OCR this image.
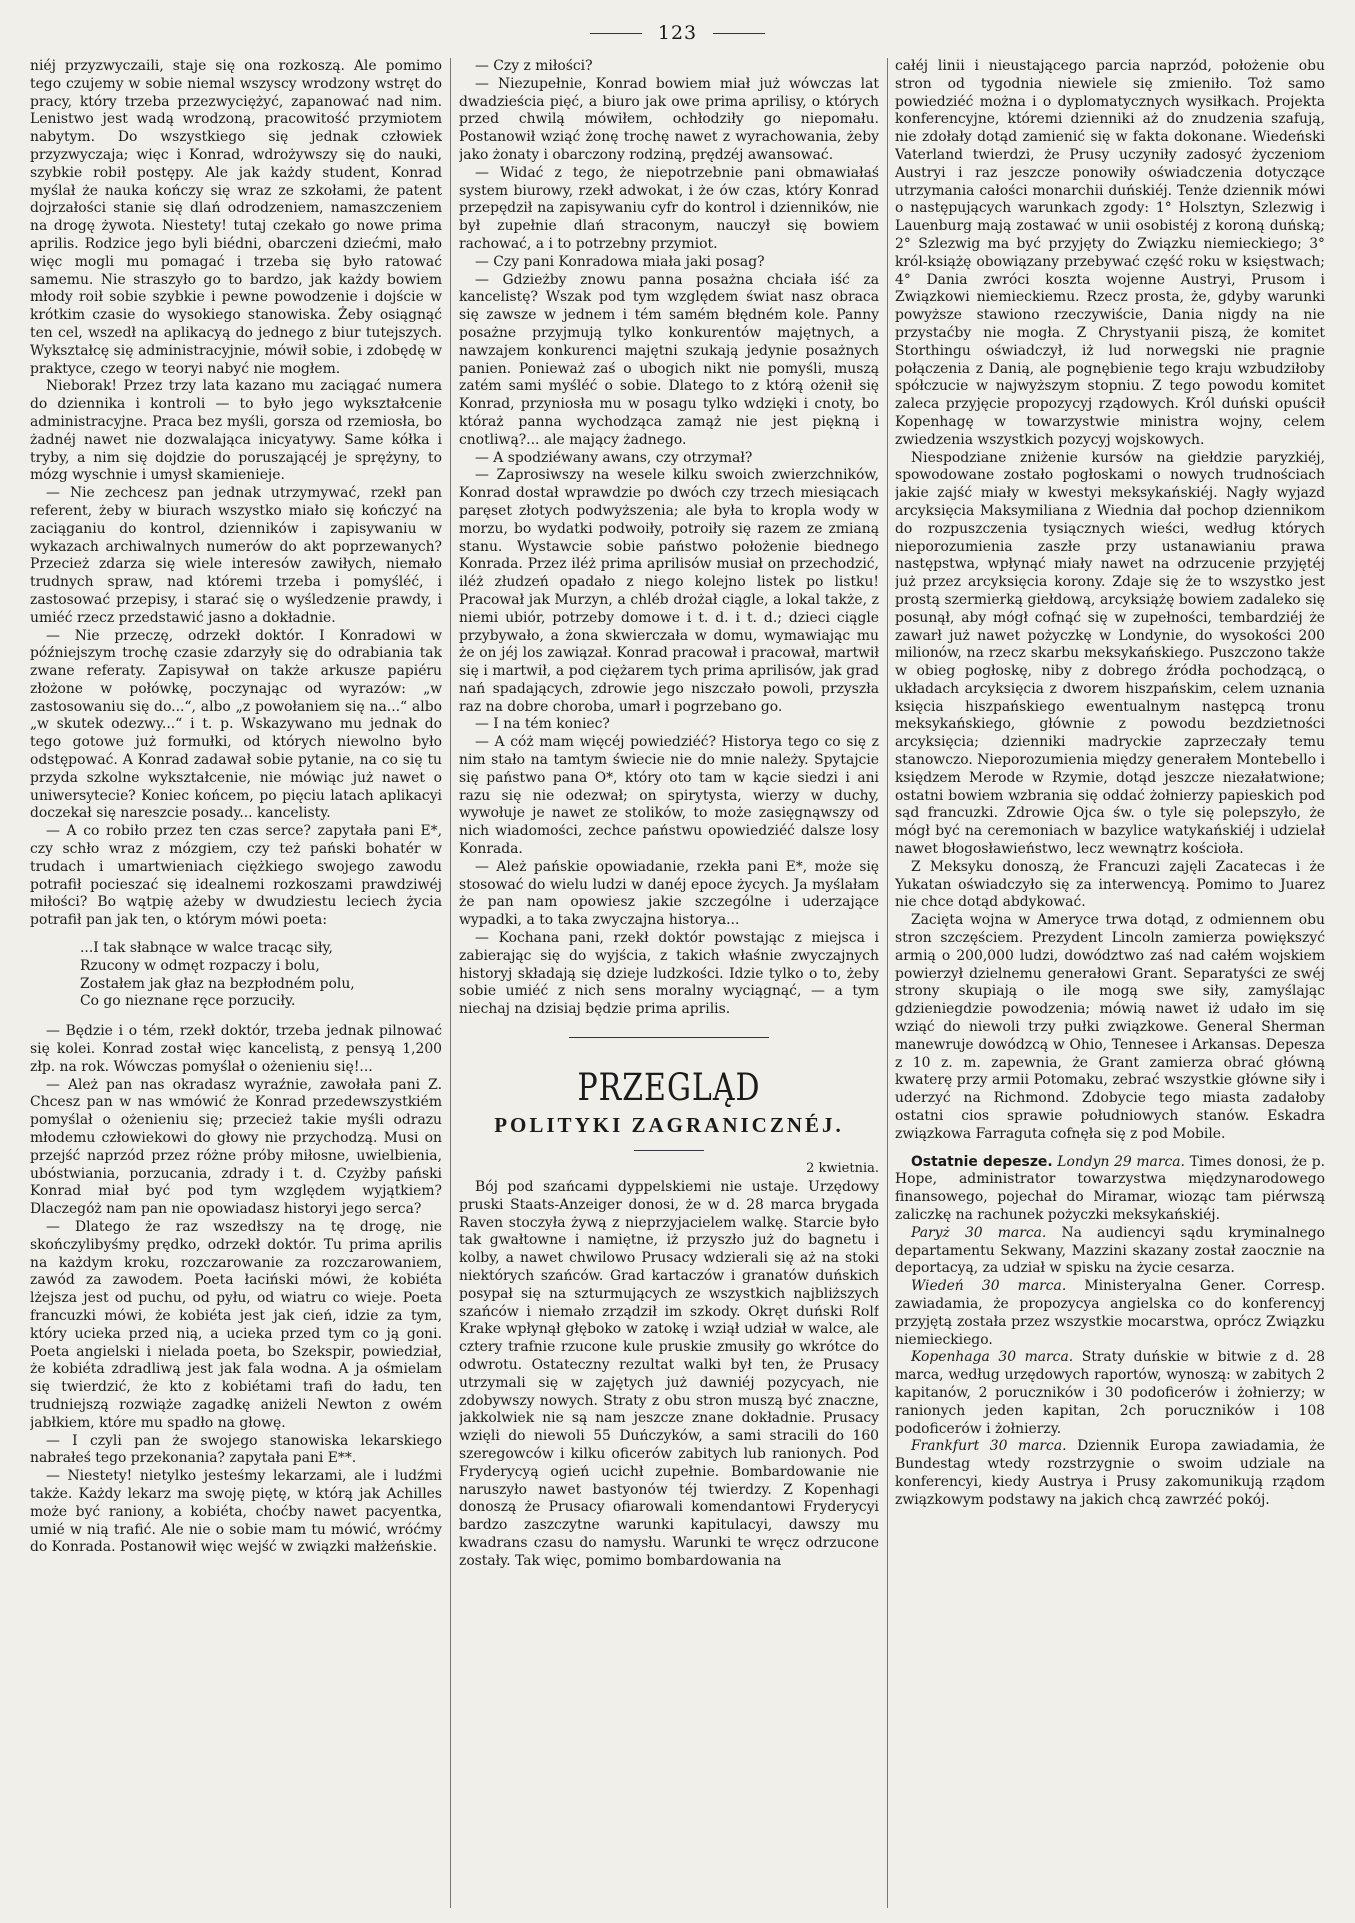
123

niéj przyzwyczaili, staje się ona rozkoszą. Ale pomimo tego czujemy w sobie niemal wszyscy wrodzony wstręt do pracy, który trzeba przezwyciężyć, zapanować nad nim. Lenistwo jest wadą wrodzoną, pracowitość przymiotem nabytym. Do wszystkiego się jednak człowiek przyzwyczaja; więc i Konrad, wdrożywszy się do nauki, szybkie robił postępy. Ale jak każdy student, Konrad myślał że nauka kończy się wraz ze szkołami, że patent dojrzałości stanie się dlań odrodzeniem, namaszczeniem na drogę żywota. Niestety! tutaj czekało go nowe prima aprilis. Rodzice jego byli biédni, obarczeni dziećmi, mało więc mogli mu pomagać i trzeba się było ratować samemu. Nie straszyło go to bardzo, jak każdy bowiem młody roił sobie szybkie i pewne powodzenie i dojście w krótkim czasie do wysokiego stanowiska. Żeby osiągnąć ten cel, wszedł na aplikacyą do jednego z biur tutejszych. Wykształcę się administracyjnie, mówił sobie, i zdobędę w praktyce, czego w teoryi nabyć nie mogłem.

Nieborak! Przez trzy lata kazano mu zaciągać numera do dziennika i kontroli — to było jego wykształcenie administracyjne. Praca bez myśli, gorsza od rzemiosła, bo żadnéj nawet nie dozwalająca inicyatywy. Same kółka i tryby, a nim się dojdzie do poruszającéj je sprężyny, to mózg wyschnie i umysł skamienieje.

— Nie zechcesz pan jednak utrzymywać, rzekł pan referent, żeby w biurach wszystko miało się kończyć na zaciąganiu do kontrol, dzienników i zapisywaniu w wykazach archiwalnych numerów do akt poprzewanych? Przecież zdarza się wiele interesów zawiłych, niemało trudnych spraw, nad któremi trzeba i pomyśléć, i zastosować przepisy, i starać się o wyśledzenie prawdy, i umiéć rzecz przedstawić jasno a dokładnie.

— Nie przeczę, odrzekł doktór. I Konradowi w późniejszym trochę czasie zdarzyły się do odrabiania tak zwane referaty. Zapisywał on także arkusze papiéru złożone w połówkę, poczynając od wyrazów: „w zastosowaniu się do...“, albo „z powołaniem się na...“ albo „w skutek odezwy...“ i t. p. Wskazywano mu jednak do tego gotowe już formułki, od których niewolno było odstępować. A Konrad zadawał sobie pytanie, na co się tu przyda szkolne wykształcenie, nie mówiąc już nawet o uniwersytecie? Koniec końcem, po pięciu latach aplikacyi doczekał się nareszcie posady... kancelisty.

— A co robiło przez ten czas serce? zapytała pani E*, czy schło wraz z mózgiem, czy też pański bohatér w trudach i umartwieniach ciężkiego swojego zawodu potrafił pocieszać się idealnemi rozkoszami prawdziwéj miłości? Bo wątpię ażeby w dwudziestu leciech życia potrafił pan jak ten, o którym mówi poeta:

...I tak słabnące w walce tracąc siły,

Rzucony w odmęt rozpaczy i bolu,

Zostałem jak głaz na bezpłodném polu,

Co go nieznane ręce porzuciły.

— Będzie i o tém, rzekł doktór, trzeba jednak pilnować się kolei. Konrad został więc kancelistą, z pensyą 1,200 złp. na rok. Wówczas pomyślał o ożenieniu się!...

— Ależ pan nas okradasz wyraźnie, zawołała pani Z. Chcesz pan w nas wmówić że Konrad przedewszystkiém pomyślał o ożenieniu się; przecież takie myśli odrazu młodemu człowiekowi do głowy nie przychodzą. Musi on przejść naprzód przez różne próby miłosne, uwielbienia, ubóstwiania, porzucania, zdrady i t. d. Czyżby pański Konrad miał być pod tym względem wyjątkiem? Dlaczegóż nam pan nie opowiadasz historyi jego serca?

— Dlatego że raz wszedłszy na tę drogę, nie skończylibyśmy prędko, odrzekł doktór. Tu prima aprilis na każdym kroku, rozczarowanie za rozczarowaniem, zawód za zawodem. Poeta łaciński mówi, że kobiéta lżejsza jest od puchu, od pyłu, od wiatru co wieje. Poeta francuzki mówi, że kobiéta jest jak cień, idzie za tym, który ucieka przed nią, a ucieka przed tym co ją goni. Poeta angielski i nielada poeta, bo Szekspir, powiedział, że kobiéta zdradliwą jest jak fala wodna. A ja ośmielam się twierdzić, że kto z kobiétami trafi do ładu, ten trudniejszą rozwiąże zagadkę aniżeli Newton z owém jabłkiem, które mu spadło na głowę.

— I czyli pan że swojego stanowiska lekarskiego nabrałeś tego przekonania? zapytała pani E**.

— Niestety! nietylko jesteśmy lekarzami, ale i ludźmi także. Każdy lekarz ma swoję piętę, w którą jak Achilles może być raniony, a kobiéta, choćby nawet pacyentka, umié w nią trafić. Ale nie o sobie mam tu mówić, wróćmy do Konrada. Postanowił więc wejść w związki małżeńskie.

— Czy z miłości?

— Niezupełnie, Konrad bowiem miał już wówczas lat dwadzieścia pięć, a biuro jak owe prima aprilisy, o których przed chwilą mówiłem, ochłodziły go niepomału. Postanowił wziąć żonę trochę nawet z wyrachowania, żeby jako żonaty i obarczony rodziną, prędzéj awansować.

— Widać z tego, że niepotrzebnie pani obmawiałaś system biurowy, rzekł adwokat, i że ów czas, który Konrad przepędził na zapisywaniu cyfr do kontrol i dzienników, nie był zupełnie dlań straconym, nauczył się bowiem rachować, a i to potrzebny przymiot.

— Czy pani Konradowa miała jaki posag?

— Gdzieżby znowu panna posażna chciała iść za kancelistę? Wszak pod tym względem świat nasz obraca się zawsze w jednem i tém samém błędném kole. Panny posażne przyjmują tylko konkurentów majętnych, a nawzajem konkurenci majętni szukają jedynie posażnych panien. Ponieważ zaś o ubogich nikt nie pomyśli, muszą zatém sami myśléć o sobie. Dlatego to z którą ożenił się Konrad, przyniosła mu w posagu tylko wdzięki i cnoty, bo któraż panna wychodząca zamąż nie jest piękną i cnotliwą?... ale mający żadnego.

— A spodziéwany awans, czy otrzymał?

— Zaprosiwszy na wesele kilku swoich zwierzchników, Konrad dostał wprawdzie po dwóch czy trzech miesiącach paręset złotych podwyższenia; ale była to kropla wody w morzu, bo wydatki podwoiły, potroiły się razem ze zmianą stanu. Wystawcie sobie państwo położenie biednego Konrada. Przez iléż prima aprilisów musiał on przechodzić, iléż złudzeń opadało z niego kolejno listek po listku! Pracował jak Murzyn, a chléb drożał ciągle, a lokal także, z niemi ubiór, potrzeby domowe i t. d. i t. d.; dzieci ciągle przybywało, a żona skwierczała w domu, wymawiając mu że on jéj los zawiązał. Konrad pracował i pracował, martwił się i martwił, a pod ciężarem tych prima aprilisów, jak grad nań spadających, zdrowie jego niszczało powoli, przyszła raz na dobre choroba, umarł i pogrzebano go.

— I na tém koniec?

— A cóż mam więcéj powiedziéć? Historya tego co się z nim stało na tamtym świecie nie do mnie należy. Spytajcie się państwo pana O*, który oto tam w kącie siedzi i ani razu się nie odezwał; on spirytysta, wierzy w duchy, wywołuje je nawet ze stolików, to może zasięgnąwszy od nich wiadomości, zechce państwu opowiedziéć dalsze losy Konrada.

— Ależ pańskie opowiadanie, rzekła pani E*, może się stosować do wielu ludzi w danéj epoce życych. Ja myślałam że pan nam opowiesz jakie szczególne i uderzające wypadki, a to taka zwyczajna historya...

— Kochana pani, rzekł doktór powstając z miejsca i zabierając się do wyjścia, z takich właśnie zwyczajnych historyj składają się dzieje ludzkości. Idzie tylko o to, żeby sobie umiéć z nich sens moralny wyciągnąć, — a tym niechaj na dzisiaj będzie prima aprilis.

PRZEGLĄD
POLITYKI ZAGRANICZNÉJ.
2 kwietnia.

Bój pod szańcami dyppelskiemi nie ustaje. Urzędowy pruski Staats-Anzeiger donosi, że w d. 28 marca brygada Raven stoczyła żywą z nieprzyjacielem walkę. Starcie było tak gwałtowne i namiętne, iż przyszło już do bagnetu i kolby, a nawet chwilowo Prusacy wdzierali się aż na stoki niektórych szańców. Grad kartaczów i granatów duńskich posypał się na szturmujących ze wszystkich najbliższych szańców i niemało zrządził im szkody. Okręt duński Rolf Krake wpłynął głęboko w zatokę i wziął udział w walce, ale cztery trafnie rzucone kule pruskie zmusiły go wkrótce do odwrotu. Ostateczny rezultat walki był ten, że Prusacy utrzymali się w zajętych już dawniéj pozycyach, nie zdobywszy nowych. Straty z obu stron muszą być znaczne, jakkolwiek nie są nam jeszcze znane dokładnie. Prusacy wzięli do niewoli 55 Duńczyków, a sami stracili do 160 szeregowców i kilku oficerów zabitych lub ranionych. Pod Fryderycyą ogień ucichł zupełnie. Bombardowanie nie naruszyło nawet bastyonów téj twierdzy. Z Kopenhagi donoszą że Prusacy ofiarowali komendantowi Fryderycyi bardzo zaszczytne warunki kapitulacyi, dawszy mu kwadrans czasu do namysłu. Warunki te wręcz odrzucone zostały. Tak więc, pomimo bombardowania na

całéj linii i nieustającego parcia naprzód, położenie obu stron od tygodnia niewiele się zmieniło. Toż samo powiedziéć można i o dyplomatycznych wysiłkach. Projekta konferencyjne, któremi dzienniki aż do znudzenia szafują, nie zdołały dotąd zamienić się w fakta dokonane. Wiedeński Vaterland twierdzi, że Prusy uczyniły zadosyć życzeniom Austryi i raz jeszcze ponowiły oświadczenia dotyczące utrzymania całości monarchii duńskiéj. Tenże dziennik mówi o następujących warunkach zgody: 1° Holsztyn, Szlezwig i Lauenburg mają zostawać w unii osobistéj z koroną duńską; 2° Szlezwig ma być przyjęty do Związku niemieckiego; 3° król-książę obowiązany przebywać część roku w księstwach; 4° Dania zwróci koszta wojenne Austryi, Prusom i Związkowi niemieckiemu. Rzecz prosta, że, gdyby warunki powyższe stawiono rzeczywiście, Dania nigdy na nie przystaćby nie mogła. Z Chrystyanii piszą, że komitet Storthingu oświadczył, iż lud norwegski nie pragnie połączenia z Danią, ale pognębienie tego kraju wzbudziłoby spółczucie w najwyższym stopniu. Z tego powodu komitet zaleca przyjęcie propozycyj rządowych. Król duński opuścił Kopenhagę w towarzystwie ministra wojny, celem zwiedzenia wszystkich pozycyj wojskowych.

Niespodziane zniżenie kursów na giełdzie paryzkiéj, spowodowane zostało pogłoskami o nowych trudnościach jakie zajść miały w kwestyi meksykańskiéj. Nagły wyjazd arcyksięcia Maksymiliana z Wiednia dał pochop dziennikom do rozpuszczenia tysiącznych wieści, według których nieporozumienia zaszłe przy ustanawianiu prawa następstwa, wpłynąć miały nawet na odrzucenie przyjętéj już przez arcyksięcia korony. Zdaje się że to wszystko jest prostą szermierką giełdową, arcyksiążę bowiem zadaleko się posunął, aby mógł cofnąć się w zupełności, tembardziéj że zawarł już nawet pożyczkę w Londynie, do wysokości 200 milionów, na rzecz skarbu meksykańskiego. Puszczono także w obieg pogłoskę, niby z dobrego źródła pochodzącą, o układach arcyksięcia z dworem hiszpańskim, celem uznania księcia hiszpańskiego ewentualnym następcą tronu meksykańskiego, głównie z powodu bezdzietności arcyksięcia; dzienniki madryckie zaprzeczały temu stanowczo. Nieporozumienia między generałem Montebello i księdzem Merode w Rzymie, dotąd jeszcze niezałatwione; ostatni bowiem wzbrania się oddać żołnierzy papieskich pod sąd francuzki. Zdrowie Ojca św. o tyle się polepszyło, że mógł być na ceremoniach w bazylice watykańskiéj i udzielał nawet błogosławieństwo, lecz wewnątrz kościoła.

Z Meksyku donoszą, że Francuzi zajęli Zacatecas i że Yukatan oświadczyło się za interwencyą. Pomimo to Juarez nie chce dotąd abdykować.

Zacięta wojna w Ameryce trwa dotąd, z odmiennem obu stron szczęściem. Prezydent Lincoln zamierza powiększyć armią o 200,000 ludzi, dowództwo zaś nad całém wojskiem powierzył dzielnemu generałowi Grant. Separatyści ze swéj strony skupiają o ile mogą swe siły, zamyślając gdzieniegdzie powodzenia; mówią nawet iż udało im się wziąć do niewoli trzy pułki związkowe. General Sherman manewruje dowódzcą w Ohio, Tennesee i Arkansas. Depesza z 10 z. m. zapewnia, że Grant zamierza obrać główną kwaterę przy armii Potomaku, zebrać wszystkie główne siły i uderzyć na Richmond. Zdobycie tego miasta zadałoby ostatni cios sprawie południowych stanów. Eskadra związkowa Farraguta cofnęła się z pod Mobile.

Ostatnie depesze. Londyn 29 marca. Times donosi, że p. Hope, administrator towarzystwa międzynarodowego finansowego, pojechał do Miramar, wioząc tam piérwszą zaliczkę na rachunek pożyczki meksykańskiéj.

Paryż 30 marca. Na audiencyi sądu kryminalnego departamentu Sekwany, Mazzini skazany został zaocznie na deportacyą, za udział w spisku na życie cesarza.

Wiedeń 30 marca. Ministeryalna Gener. Corresp. zawiadamia, że propozycya angielska co do konferencyj przyjętą została przez wszystkie mocarstwa, oprócz Związku niemieckiego.

Kopenhaga 30 marca. Straty duńskie w bitwie z d. 28 marca, według urzędowych raportów, wynoszą: w zabitych 2 kapitanów, 2 poruczników i 30 podoficerów i żołnierzy; w ranionych jeden kapitan, 2ch poruczników i 108 podoficerów i żołnierzy.

Frankfurt 30 marca. Dziennik Europa zawiadamia, że Bundestag wtedy rozstrzygnie o swoim udziale na konferencyi, kiedy Austrya i Prusy zakomunikują rządom związkowym podstawy na jakich chcą zawrzéć pokój.
